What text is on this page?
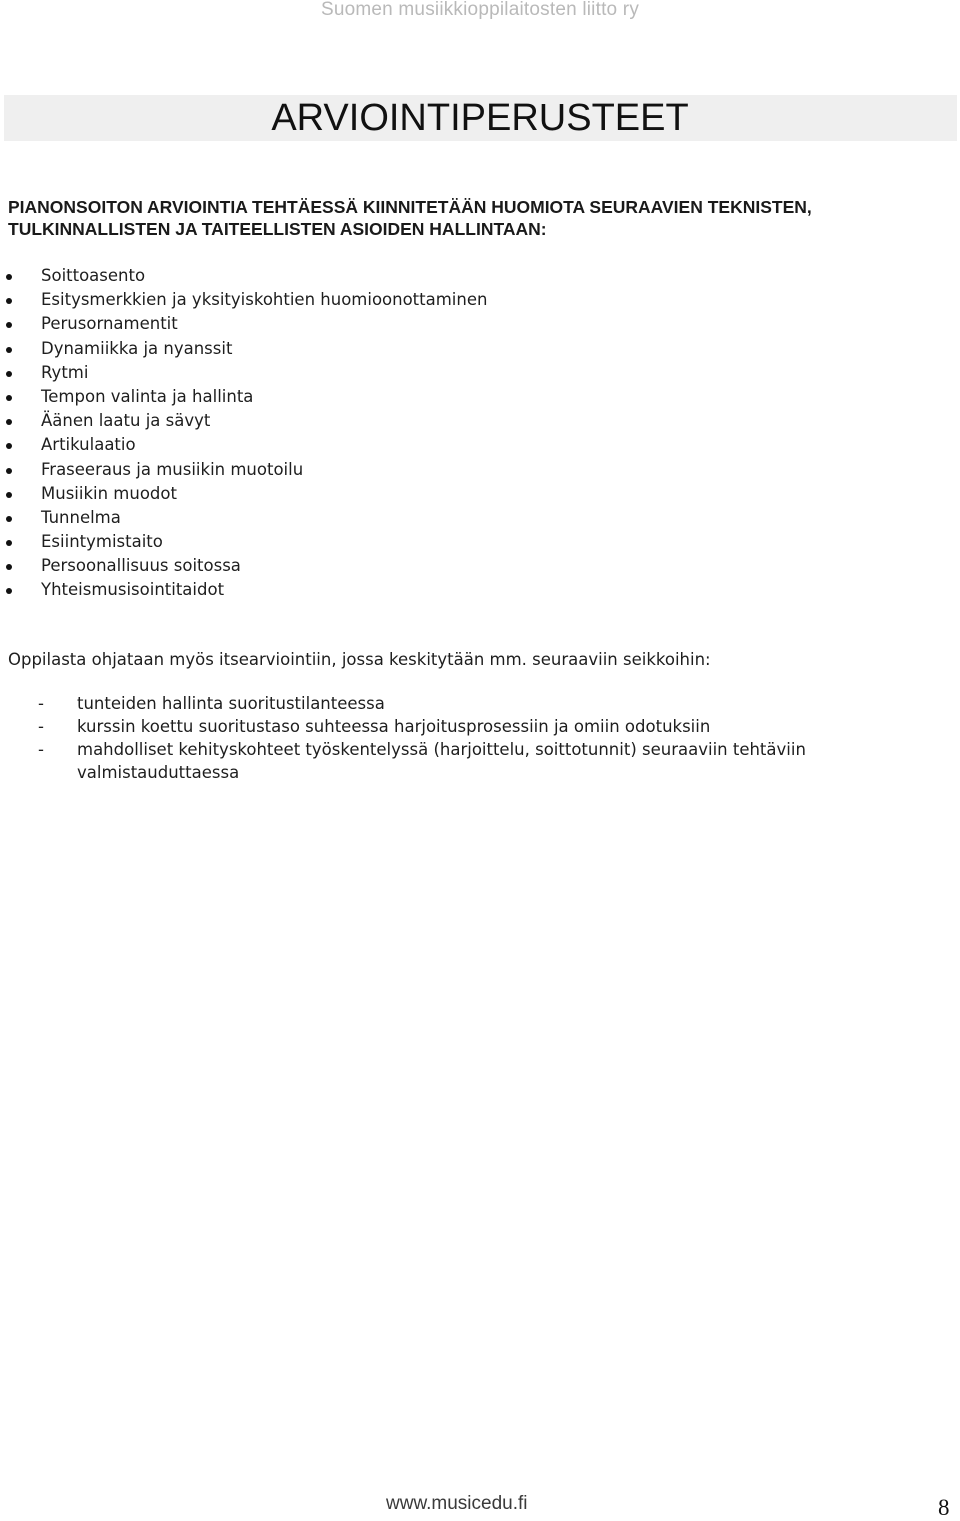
Suomen musiikkioppilaitosten liitto ry
ARVIOINTIPERUSTEET
PIANONSOITON ARVIOINTIA TEHTÄESSÄ KIINNITETÄÄN HUOMIOTA SEURAAVIEN TEKNISTEN,
TULKINNALLISTEN JA TAITEELLISTEN ASIOIDEN HALLINTAAN:
Soittoasento
Esitysmerkkien ja yksityiskohtien huomioonottaminen
Perusornamentit
Dynamiikka ja nyanssit
Rytmi
Tempon valinta ja hallinta
Äänen laatu ja sävyt
Artikulaatio
Fraseeraus ja musiikin muotoilu
Musiikin muodot
Tunnelma
Esiintymistaito
Persoonallisuus soitossa
Yhteismusisointitaidot
Oppilasta ohjataan myös itsearviointiin, jossa keskitytään mm. seuraaviin seikkoihin:
- tunteiden hallinta suoritustilanteessa
- kurssin koettu suoritustaso suhteessa harjoitusprosessiin ja omiin odotuksiin
- mahdolliset kehityskohteet työskentelyssä (harjoittelu, soittotunnit) seuraaviin tehtäviin valmistauduttaessa
www.musicedu.fi	8
